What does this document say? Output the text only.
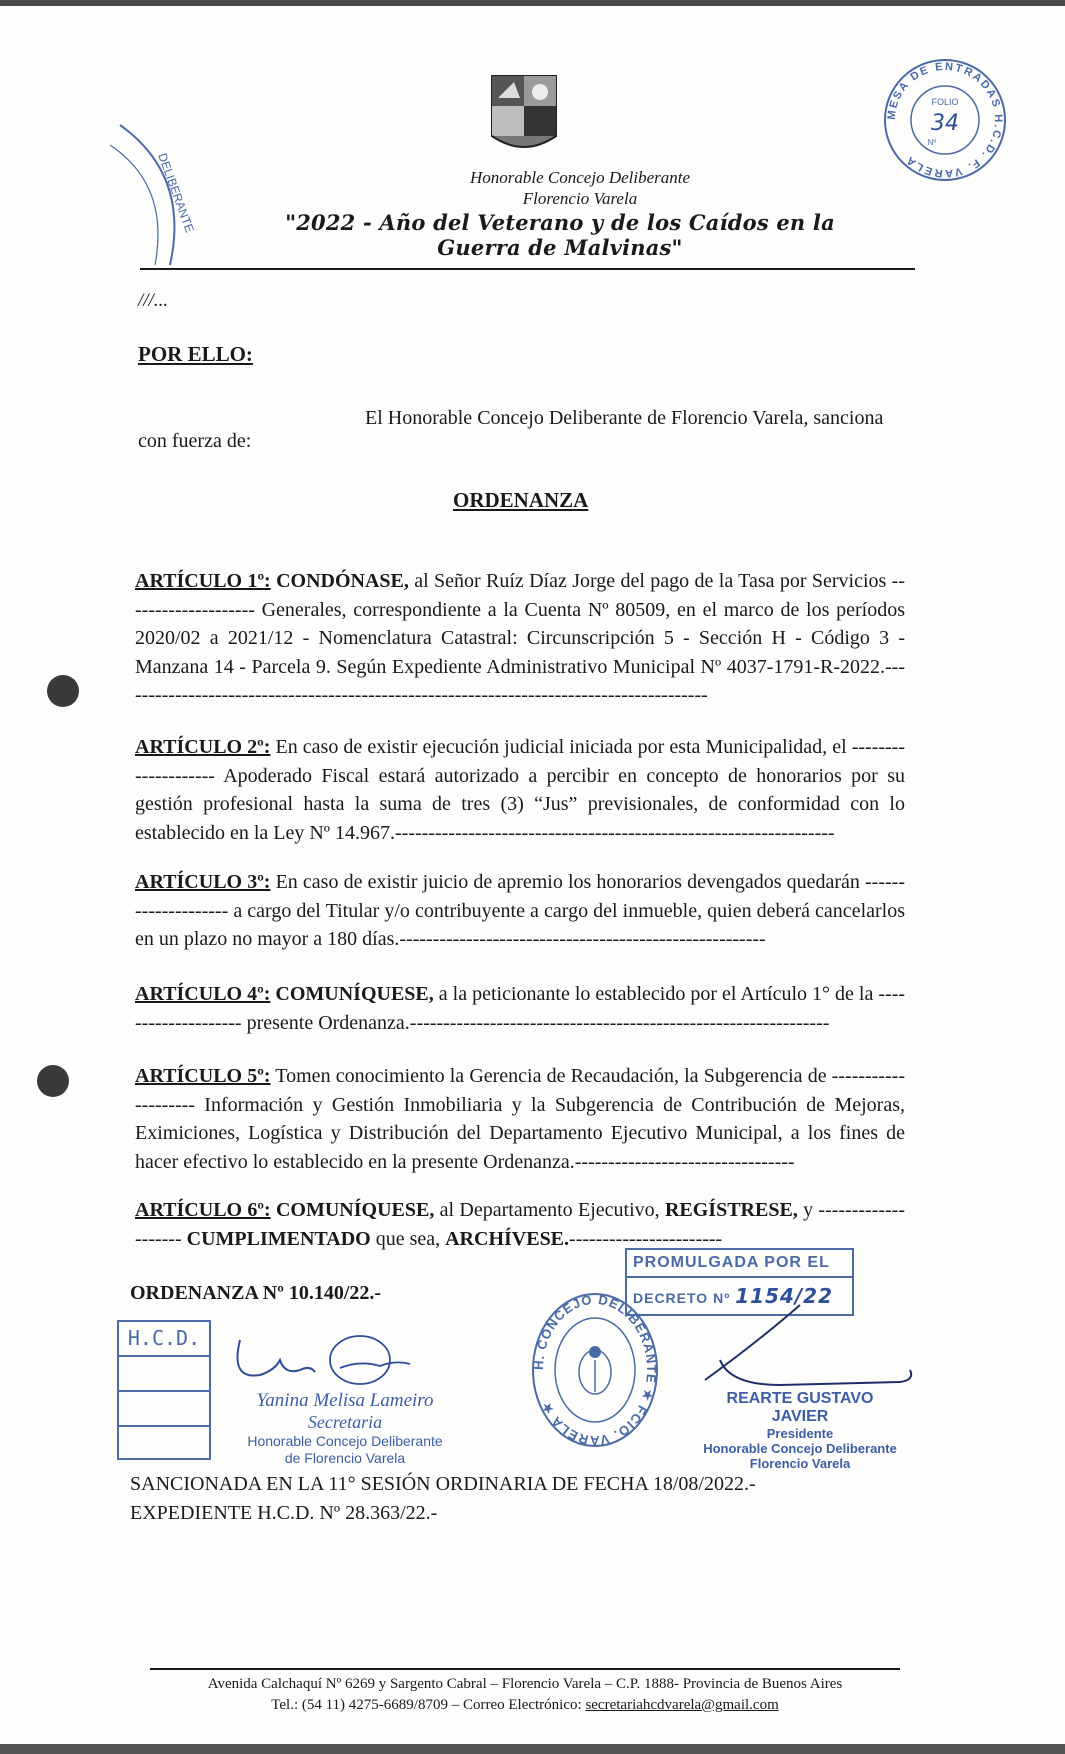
Honorable Concejo Deliberante
Florencio Varela
"2022 - Año del Veterano y de los Caídos en la Guerra de Malvinas"
///...
MESA DE ENTRADAS H.C.D. F. VARELA
FOLIO
34
Nº
DELIBERANTE
POR ELLO:
El Honorable Concejo Deliberante de Florencio Varela, sanciona
con fuerza de:
ORDENANZA
ARTÍCULO 1º: CONDÓNASE, al Señor Ruíz Díaz Jorge del pago de la Tasa por Servicios -------------------- Generales, correspondiente a la Cuenta Nº 80509, en el marco de los períodos 2020/02 a 2021/12 - Nomenclatura Catastral: Circunscripción 5 - Sección H - Código 3 - Manzana 14 - Parcela 9. Según Expediente Administrativo Municipal Nº 4037-1791-R-2022.-----------------------------------------------------------------------------------------
ARTÍCULO 2º: En caso de existir ejecución judicial iniciada por esta Municipalidad, el -------------------- Apoderado Fiscal estará autorizado a percibir en concepto de honorarios por su gestión profesional hasta la suma de tres (3) “Jus” previsionales, de conformidad con lo establecido en la Ley Nº 14.967.------------------------------------------------------------------
ARTÍCULO 3º: En caso de existir juicio de apremio los honorarios devengados quedarán -------------------- a cargo del Titular y/o contribuyente a cargo del inmueble, quien deberá cancelarlos en un plazo no mayor a 180 días.-------------------------------------------------------
ARTÍCULO 4º: COMUNÍQUESE, a la peticionante lo establecido por el Artículo 1° de la -------------------- presente Ordenanza.---------------------------------------------------------------
ARTÍCULO 5º: Tomen conocimiento la Gerencia de Recaudación, la Subgerencia de -------------------- Información y Gestión Inmobiliaria y la Subgerencia de Contribución de Mejoras, Eximiciones, Logística y Distribución del Departamento Ejecutivo Municipal, a los fines de hacer efectivo lo establecido en la presente Ordenanza.---------------------------------
ARTÍCULO 6º: COMUNÍQUESE, al Departamento Ejecutivo, REGÍSTRESE, y -------------------- CUMPLIMENTADO que sea, ARCHÍVESE.-----------------------
ORDENANZA Nº 10.140/22.-
PROMULGADA POR EL
DECRETO Nº 1154/22
H.C.D.
Yanina Melisa Lameiro
Secretaria
Honorable Concejo Deliberante
de Florencio Varela
H. CONCEJO DELIBERANTE ★ FCIO. VARELA ★
REARTE GUSTAVO JAVIER
Presidente
Honorable Concejo Deliberante
Florencio Varela
SANCIONADA EN LA 11° SESIÓN ORDINARIA DE FECHA 18/08/2022.-
EXPEDIENTE H.C.D. Nº 28.363/22.-
Avenida Calchaquí Nº 6269 y Sargento Cabral – Florencio Varela – C.P. 1888- Provincia de Buenos Aires
Tel.: (54 11) 4275-6689/8709 – Correo Electrónico: secretariahcdvarela@gmail.com
